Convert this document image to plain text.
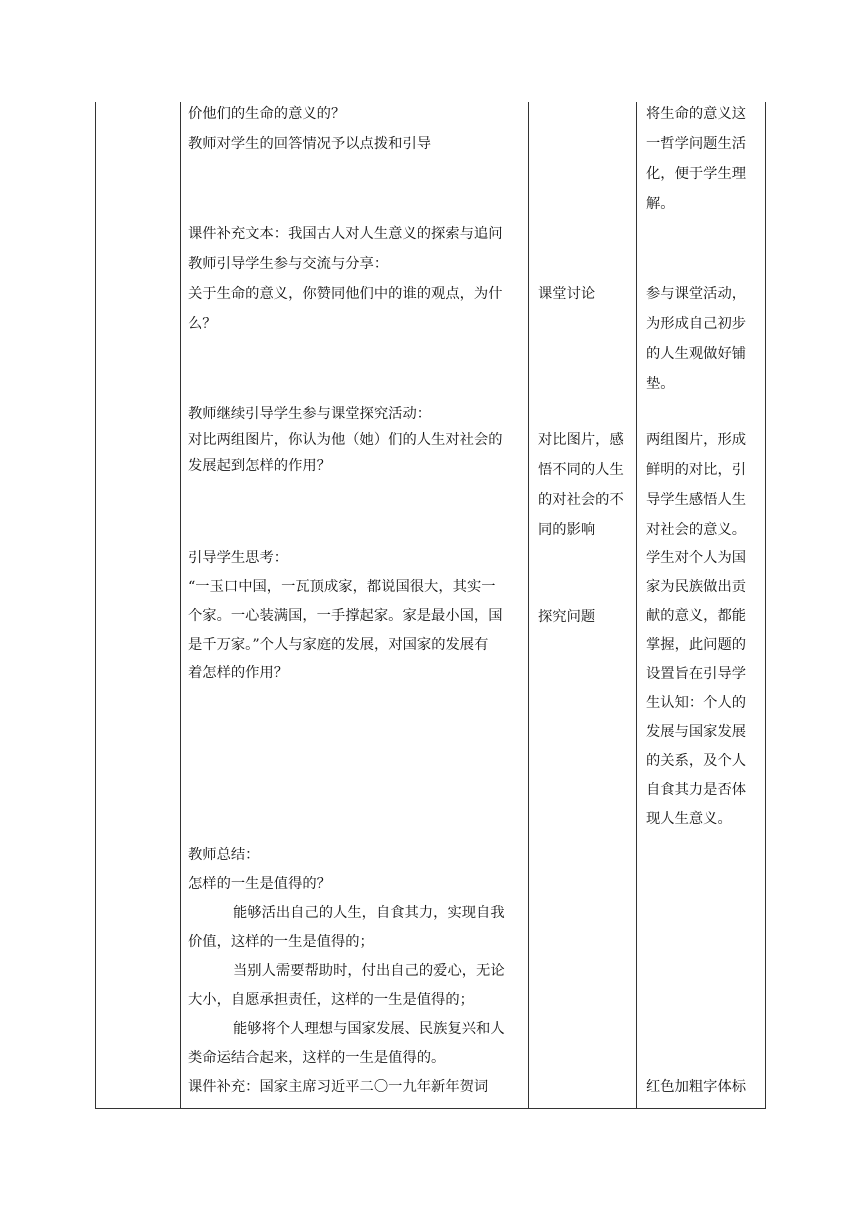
价他们的生命的意义的？
教师对学生的回答情况予以点拨和引导
课件补充文本：我国古人对人生意义的探索与追问
教师引导学生参与交流与分享：
关于生命的意义，你赞同他们中的谁的观点，为什
么？
教师继续引导学生参与课堂探究活动：
对比两组图片，你认为他（她）们的人生对社会的
发展起到怎样的作用？
引导学生思考：
“一玉口中国，一瓦顶成家，都说国很大，其实一
个家。一心装满国，一手撑起家。家是最小国，国
是千万家。”个人与家庭的发展，对国家的发展有
着怎样的作用？
教师总结：
怎样的一生是值得的？
能够活出自己的人生，自食其力，实现自我
价值，这样的一生是值得的；
当别人需要帮助时，付出自己的爱心，无论
大小，自愿承担责任，这样的一生是值得的；
能够将个人理想与国家发展、民族复兴和人
类命运结合起来，这样的一生是值得的。
课件补充：国家主席习近平二〇一九年新年贺词
课堂讨论
对比图片，感
悟不同的人生
的对社会的不
同的影响
探究问题
将生命的意义这
一哲学问题生活
化，便于学生理
解。
参与课堂活动，
为形成自己初步
的人生观做好铺
垫。
两组图片，形成
鲜明的对比，引
导学生感悟人生
对社会的意义。
学生对个人为国
家为民族做出贡
献的意义，都能
掌握，此问题的
设置旨在引导学
生认知：个人的
发展与国家发展
的关系，及个人
自食其力是否体
现人生意义。
红色加粗字体标
